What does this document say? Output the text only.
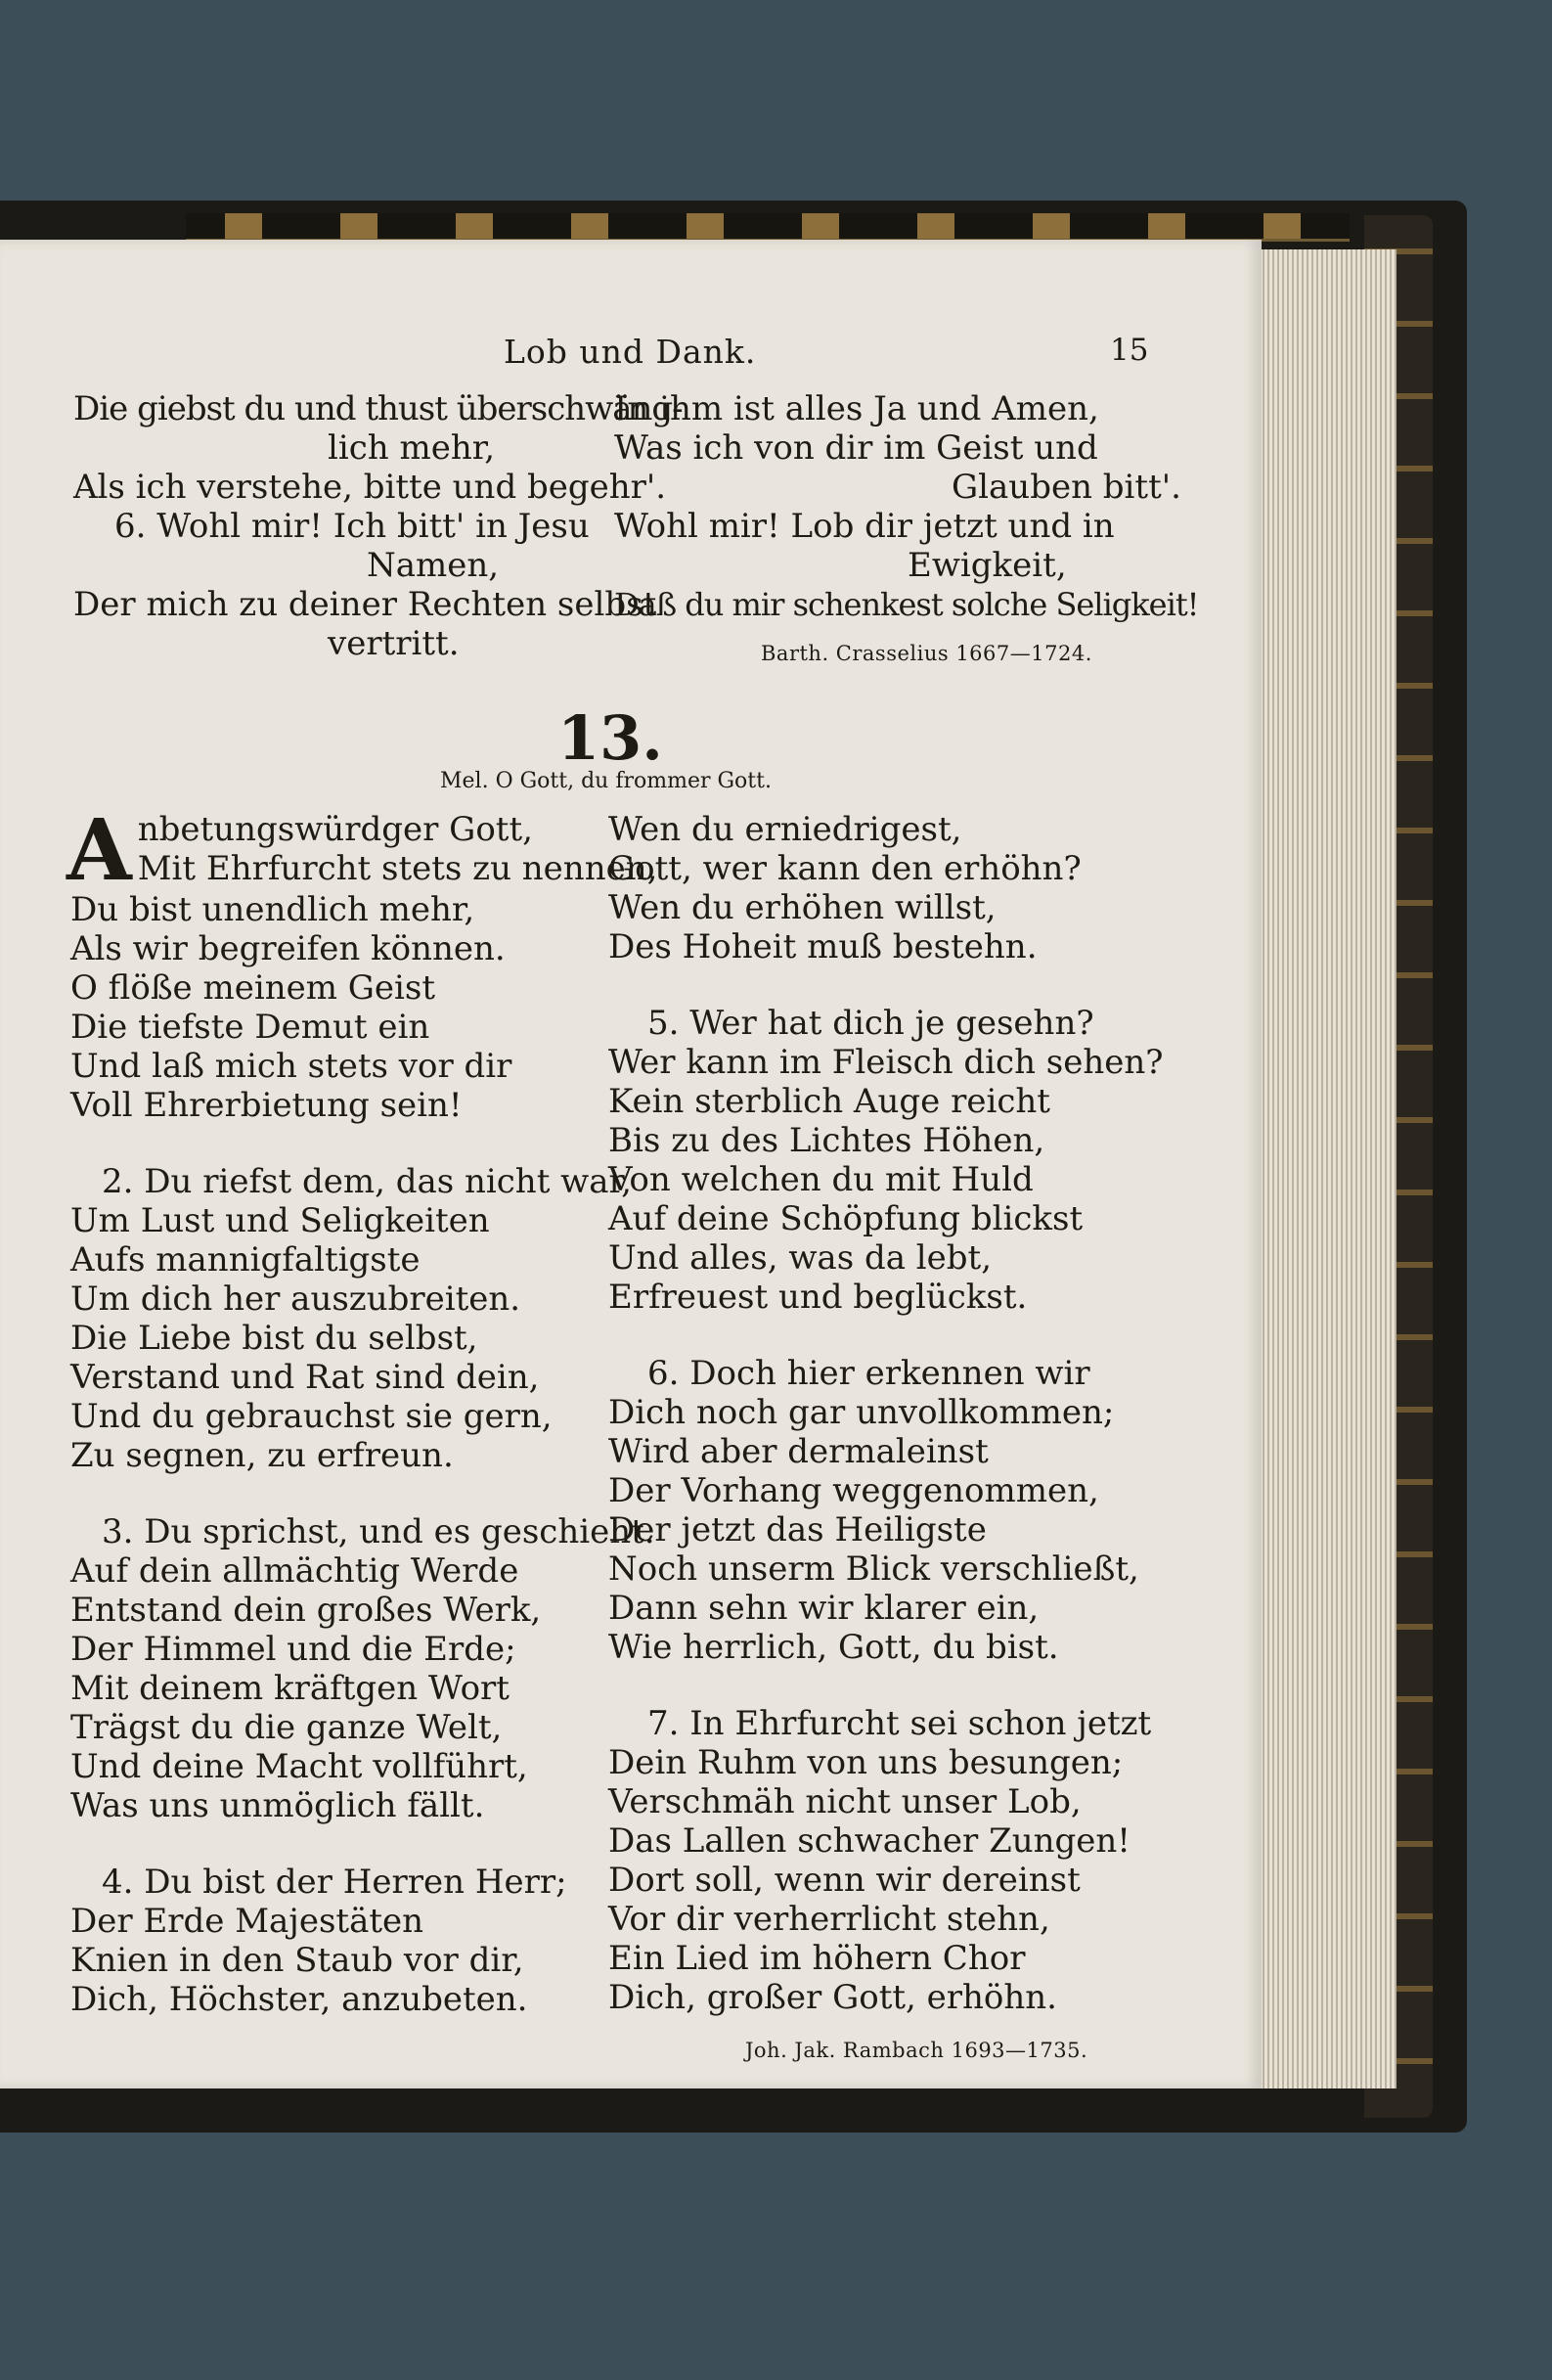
Lob und Dank.	15

Die giebst du und thust überschwäng-

lich mehr,

Als ich verstehe, bitte und begehr'.

6. Wohl mir! Ich bitt' in Jesu

Namen,

Der mich zu deiner Rechten selbst

vertritt.

In ihm ist alles Ja und Amen,

Was ich von dir im Geist und

Glauben bitt'.

Wohl mir! Lob dir jetzt und in

Ewigkeit,

Daß du mir schenkest solche Seligkeit!

Barth. Crasselius 1667—1724.

13.
Mel. O Gott, du frommer Gott.
A nbetungswürdger Gott,

Mit Ehrfurcht stets zu nennen,

Du bist unendlich mehr,

Als wir begreifen können.

O flöße meinem Geist

Die tiefste Demut ein

Und laß mich stets vor dir

Voll Ehrerbietung sein!

2. Du riefst dem, das nicht war,

Um Lust und Seligkeiten

Aufs mannigfaltigste

Um dich her auszubreiten.

Die Liebe bist du selbst,

Verstand und Rat sind dein,

Und du gebrauchst sie gern,

Zu segnen, zu erfreun.

3. Du sprichst, und es geschieht.

Auf dein allmächtig Werde

Entstand dein großes Werk,

Der Himmel und die Erde;

Mit deinem kräftgen Wort

Trägst du die ganze Welt,

Und deine Macht vollführt,

Was uns unmöglich fällt.

4. Du bist der Herren Herr;

Der Erde Majestäten

Knien in den Staub vor dir,

Dich, Höchster, anzubeten.

Wen du erniedrigest,

Gott, wer kann den erhöhn?

Wen du erhöhen willst,

Des Hoheit muß bestehn.

5. Wer hat dich je gesehn?

Wer kann im Fleisch dich sehen?

Kein sterblich Auge reicht

Bis zu des Lichtes Höhen,

Von welchen du mit Huld

Auf deine Schöpfung blickst

Und alles, was da lebt,

Erfreuest und beglückst.

6. Doch hier erkennen wir

Dich noch gar unvollkommen;

Wird aber dermaleinst

Der Vorhang weggenommen,

Der jetzt das Heiligste

Noch unserm Blick verschließt,

Dann sehn wir klarer ein,

Wie herrlich, Gott, du bist.

7. In Ehrfurcht sei schon jetzt

Dein Ruhm von uns besungen;

Verschmäh nicht unser Lob,

Das Lallen schwacher Zungen!

Dort soll, wenn wir dereinst

Vor dir verherrlicht stehn,

Ein Lied im höhern Chor

Dich, großer Gott, erhöhn.

Joh. Jak. Rambach 1693—1735.
